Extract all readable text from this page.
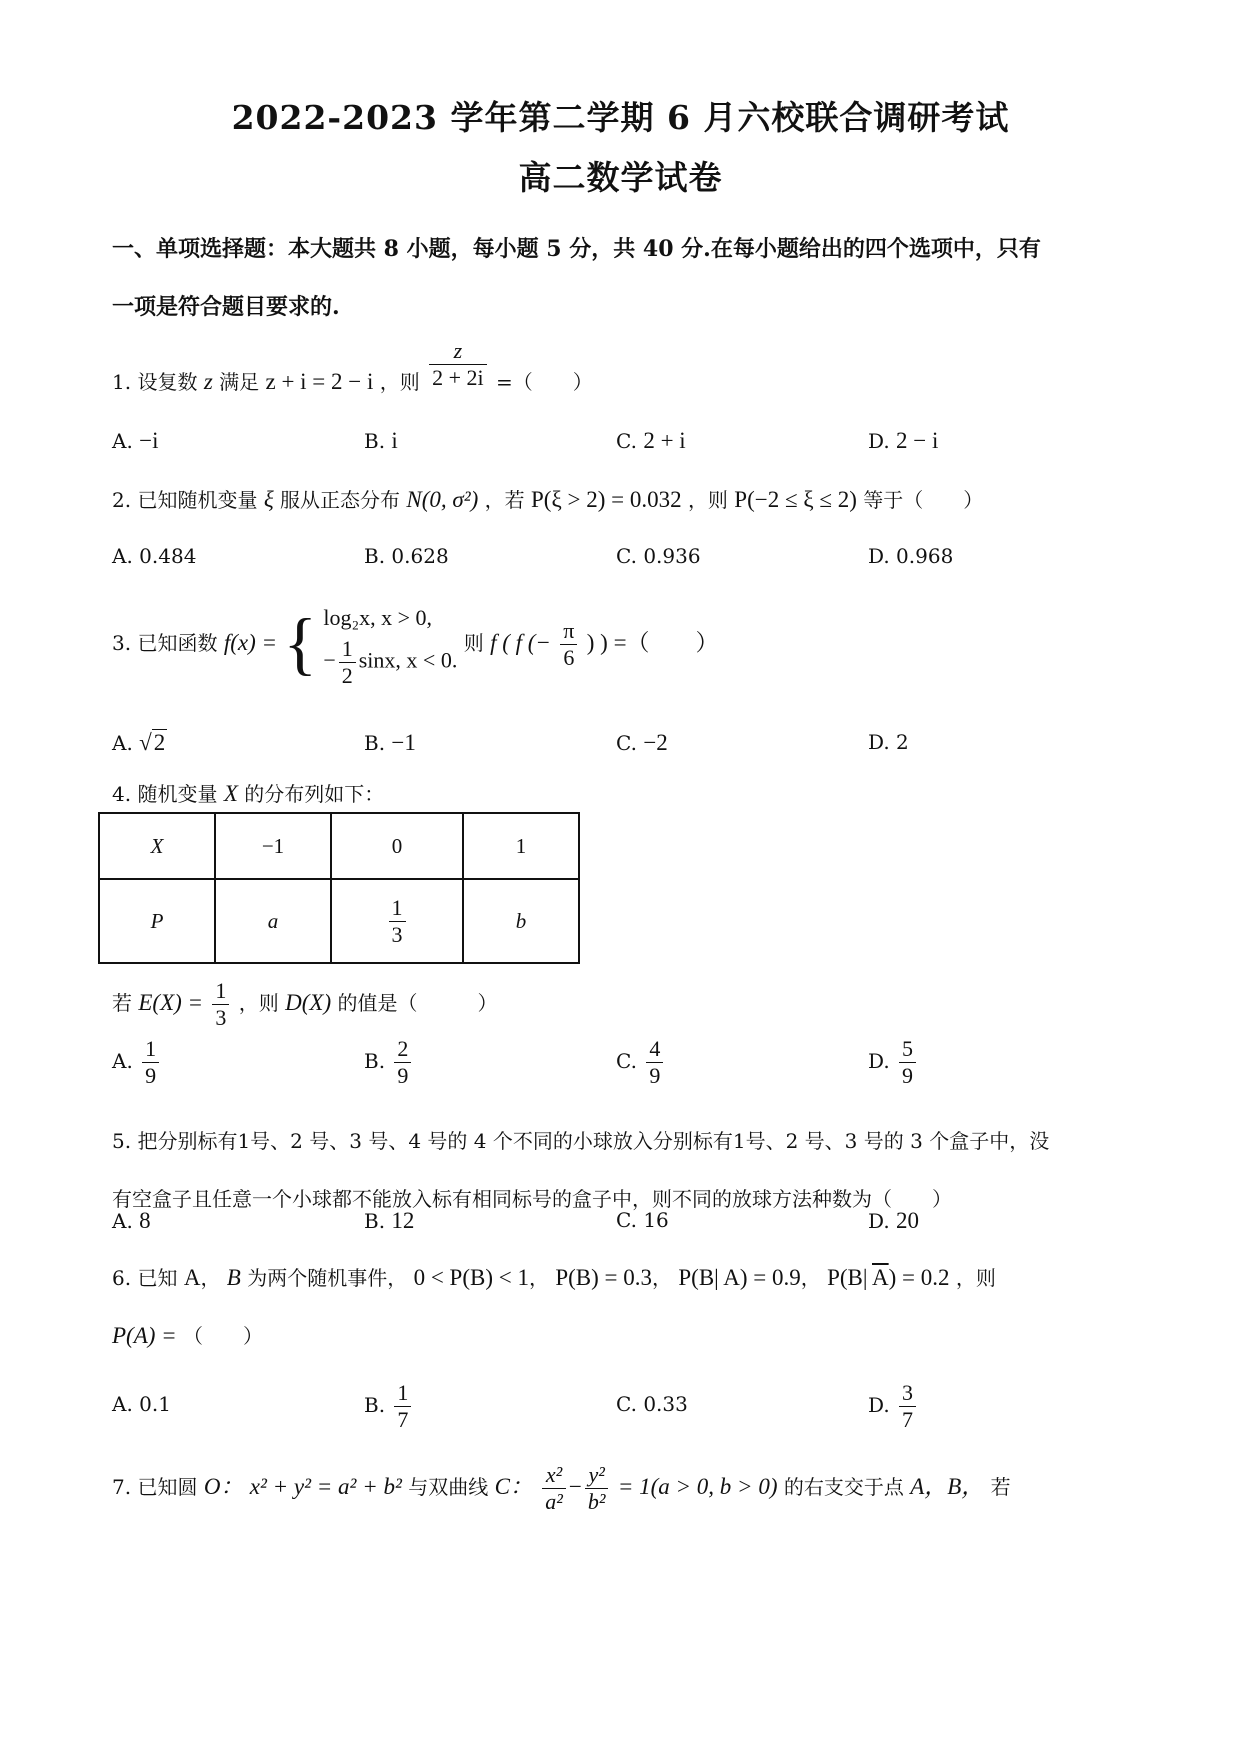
2022-2023 学年第二学期 6 月六校联合调研考试
高二数学试卷
一、单项选择题：本大题共 8 小题，每小题 5 分，共 40 分.在每小题给出的四个选项中，只有
一项是符合题目要求的.
1. 设复数 z 满足 z + i = 2 − i ，则 $\frac{z}{2 + 2i}$ =（　　）
A. −i	B. i	C. 2 + i	D. 2 − i
2. 已知随机变量 ξ 服从正态分布 N(0, σ²) ，若 P(ξ > 2) = 0.032 ，则 P(−2 ≤ ξ ≤ 2) 等于（　　）
A. 0.484	B. 0.628	C. 0.936	D. 0.968
3. 已知函数 f(x) = { log₂x, x > 0,
− $\frac{1}{2} \sin x$, x < 0.
则 f ( f (− $\frac{\pi}{6}$ ) ) =（　　）
A. √2	B. −1	C. −2	D. 2
4. 随机变量 X 的分布列如下：
X	−1	0	1
P	a	$\frac{1}{3}$	b
若 $E(X) = \frac{1}{3}$ ，则 D(X) 的值是（　　　）
A. $\frac{1}{9}$	B. $\frac{2}{9}$	C. $\frac{4}{9}$	D. $\frac{5}{9}$
5. 把分别标有1号、2 号、3 号、4 号的 4 个不同的小球放入分别标有1号、2 号、3 号的 3 个盒子中，没
有空盒子且任意一个小球都不能放入标有相同标号的盒子中，则不同的放球方法种数为（　　）
A. 8	B. 12	C. 16	D. 20
6. 已知 A， B 为两个随机事件， 0 < P(B) < 1， P(B) = 0.3， P(B| A) = 0.9， P(B| $\overline{A}) = 0.2$ ，则
P(A) = （　　）
A. 0.1	B. $\frac{1}{7}$	C. 0.33	D. $\frac{3}{7}$
7. 已知圆 O： x² + y² = a² + b² 与双曲线 C： $\frac{\text{x²}}{\text{a²}} - \frac{\text{y²}}{\text{b²}} = 1(a > 0$, b > 0) 的右支交于点 A，B， 若
